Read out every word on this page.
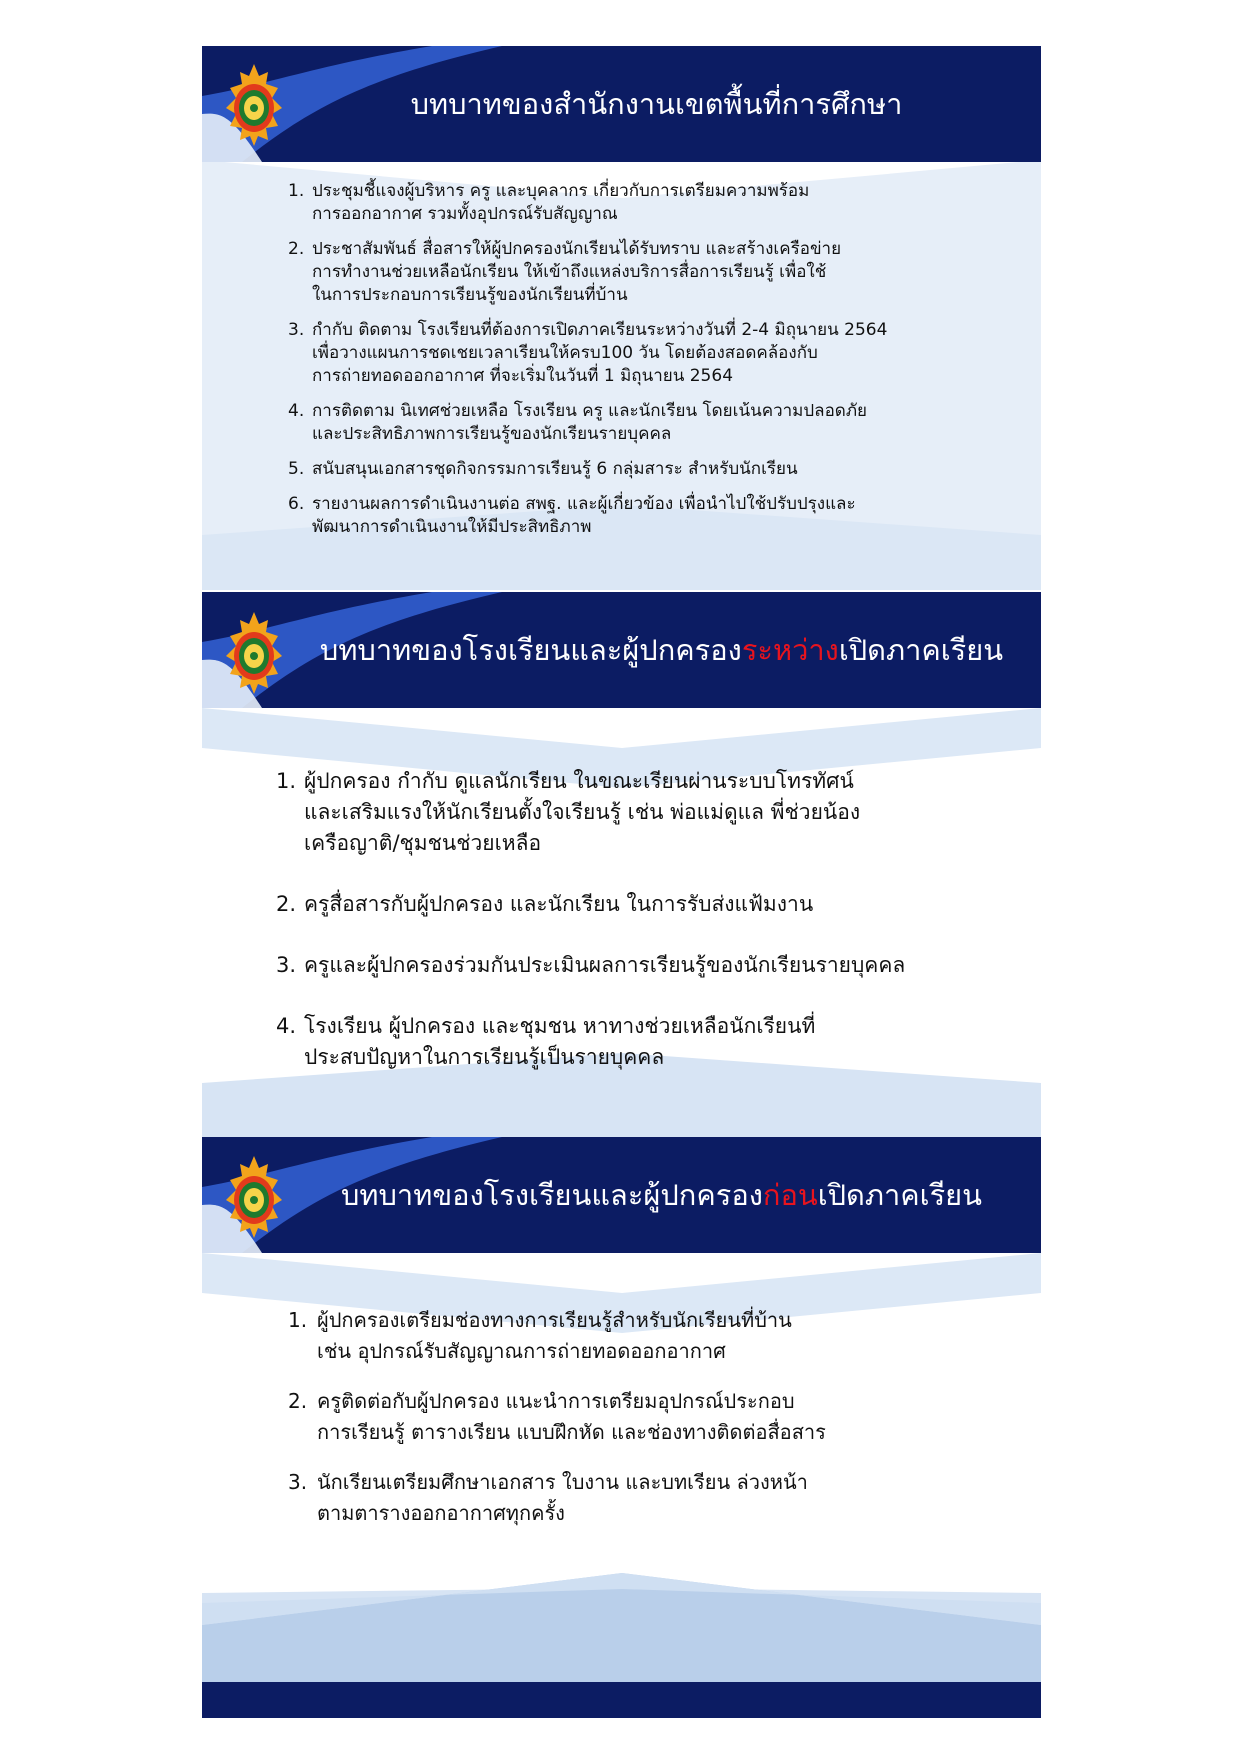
บทบาทของสำนักงานเขตพื้นที่การศึกษา
บทบาทของโรงเรียนและผู้ปกครองระหว่างเปิดภาคเรียน
บทบาทของโรงเรียนและผู้ปกครองก่อนเปิดภาคเรียน
1. ประชุมชี้แจงผู้บริหาร ครู และบุคลากร เกี่ยวกับการเตรียมความพร้อม
การออกอากาศ รวมทั้งอุปกรณ์รับสัญญาณ
2. ประชาสัมพันธ์ สื่อสารให้ผู้ปกครองนักเรียนได้รับทราบ และสร้างเครือข่าย
การทำงานช่วยเหลือนักเรียน ให้เข้าถึงแหล่งบริการสื่อการเรียนรู้ เพื่อใช้
ในการประกอบการเรียนรู้ของนักเรียนที่บ้าน
3. กำกับ ติดตาม โรงเรียนที่ต้องการเปิดภาคเรียนระหว่างวันที่ 2-4 มิถุนายน 2564
เพื่อวางแผนการชดเชยเวลาเรียนให้ครบ100 วัน โดยต้องสอดคล้องกับ
การถ่ายทอดออกอากาศ ที่จะเริ่มในวันที่ 1 มิถุนายน 2564
4. การติดตาม นิเทศช่วยเหลือ โรงเรียน ครู และนักเรียน โดยเน้นความปลอดภัย
และประสิทธิภาพการเรียนรู้ของนักเรียนรายบุคคล
5. สนับสนุนเอกสารชุดกิจกรรมการเรียนรู้ 6 กลุ่มสาระ สำหรับนักเรียน
6. รายงานผลการดำเนินงานต่อ สพฐ. และผู้เกี่ยวข้อง เพื่อนำไปใช้ปรับปรุงและ
พัฒนาการดำเนินงานให้มีประสิทธิภาพ
1. ผู้ปกครอง กำกับ ดูแลนักเรียน ในขณะเรียนผ่านระบบโทรทัศน์
และเสริมแรงให้นักเรียนตั้งใจเรียนรู้ เช่น พ่อแม่ดูแล พี่ช่วยน้อง
เครือญาติ/ชุมชนช่วยเหลือ
2. ครูสื่อสารกับผู้ปกครอง และนักเรียน ในการรับส่งแฟ้มงาน
3. ครูและผู้ปกครองร่วมกันประเมินผลการเรียนรู้ของนักเรียนรายบุคคล
4. โรงเรียน ผู้ปกครอง และชุมชน หาทางช่วยเหลือนักเรียนที่
ประสบปัญหาในการเรียนรู้เป็นรายบุคคล
1. ผู้ปกครองเตรียมช่องทางการเรียนรู้สำหรับนักเรียนที่บ้าน
เช่น อุปกรณ์รับสัญญาณการถ่ายทอดออกอากาศ
2. ครูติดต่อกับผู้ปกครอง แนะนำการเตรียมอุปกรณ์ประกอบ
การเรียนรู้ ตารางเรียน แบบฝึกหัด และช่องทางติดต่อสื่อสาร
3. นักเรียนเตรียมศึกษาเอกสาร ใบงาน และบทเรียน ล่วงหน้า
ตามตารางออกอากาศทุกครั้ง
